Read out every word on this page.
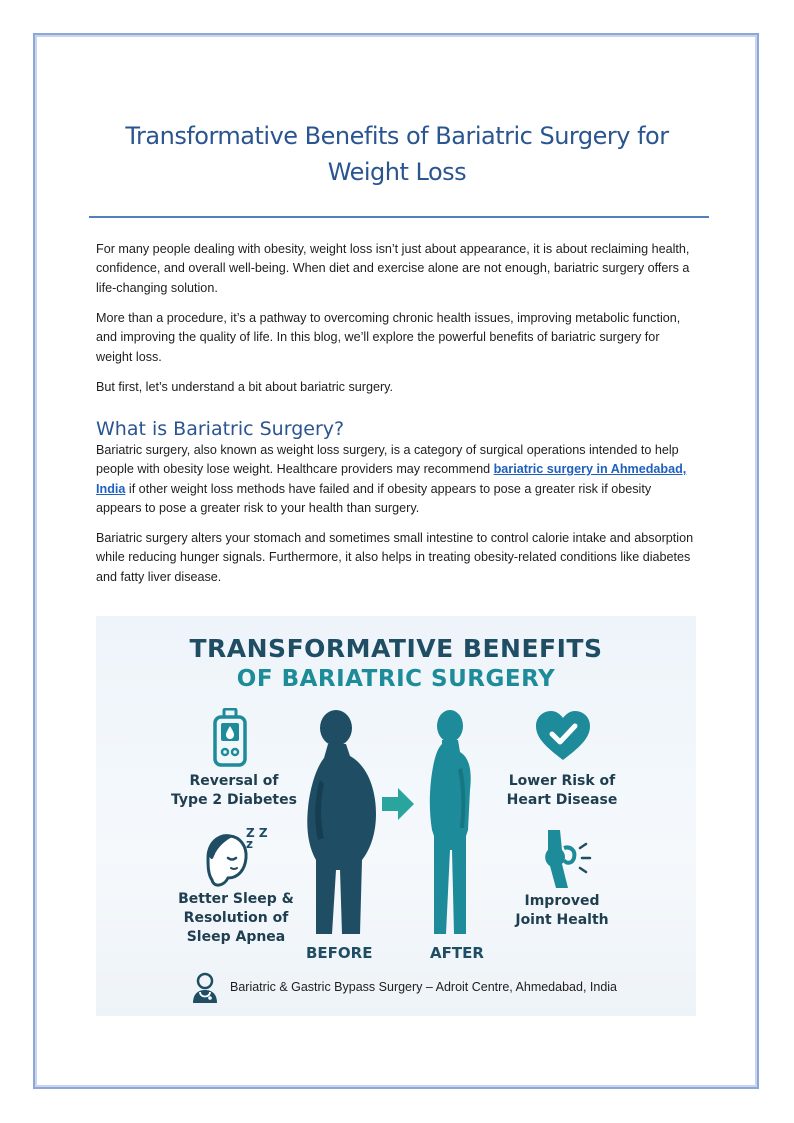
Transformative Benefits of Bariatric Surgery for Weight Loss

For many people dealing with obesity, weight loss isn’t just about appearance, it is about reclaiming health, confidence, and overall well-being. When diet and exercise alone are not enough, bariatric surgery offers a life-changing solution.

More than a procedure, it’s a pathway to overcoming chronic health issues, improving metabolic function, and improving the quality of life. In this blog, we’ll explore the powerful benefits of bariatric surgery for weight loss.

But first, let’s understand a bit about bariatric surgery.

What is Bariatric Surgery?

Bariatric surgery, also known as weight loss surgery, is a category of surgical operations intended to help people with obesity lose weight. Healthcare providers may recommend bariatric surgery in Ahmedabad, India if other weight loss methods have failed and if obesity appears to pose a greater risk if obesity appears to pose a greater risk to your health than surgery.

Bariatric surgery alters your stomach and sometimes small intestine to control calorie intake and absorption while reducing hunger signals. Furthermore, it also helps in treating obesity-related conditions like diabetes and fatty liver disease.

TRANSFORMATIVE BENEFITS
OF BARIATRIC SURGERY
Reversal of
Type 2 Diabetes
Lower Risk of
Heart Disease
Z Z
z
Better Sleep &
Resolution of
Sleep Apnea
Improved
Joint Health
BEFORE	AFTER
Bariatric & Gastric Bypass Surgery – Adroit Centre, Ahmedabad, India
